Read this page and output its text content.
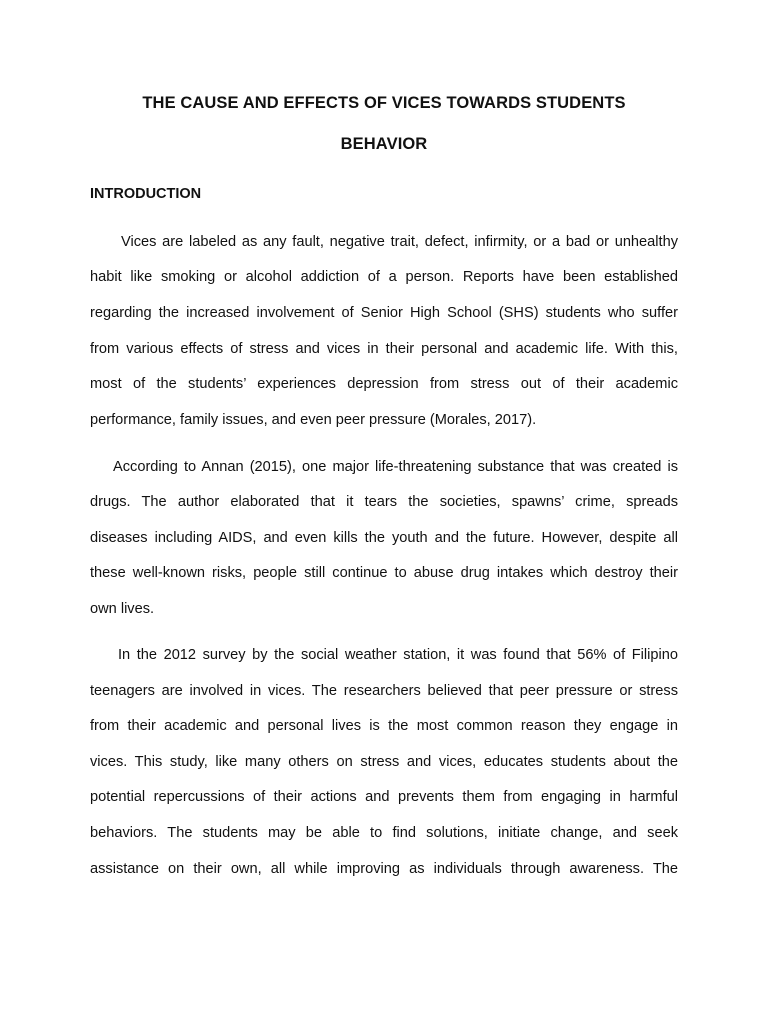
THE CAUSE AND EFFECTS OF VICES TOWARDS STUDENTS
BEHAVIOR
INTRODUCTION
Vices are labeled as any fault, negative trait, defect, infirmity, or a bad or unhealthy
habit like smoking or alcohol addiction of a person. Reports have been established
regarding the increased involvement of Senior High School (SHS) students who suffer
from various effects of stress and vices in their personal and academic life. With this,
most of the students’ experiences depression from stress out of their academic
performance, family issues, and even peer pressure (Morales, 2017).
According to Annan (2015), one major life-threatening substance that was created is
drugs. The author elaborated that it tears the societies, spawns’ crime, spreads
diseases including AIDS, and even kills the youth and the future. However, despite all
these well-known risks, people still continue to abuse drug intakes which destroy their
own lives.
In the 2012 survey by the social weather station, it was found that 56% of Filipino
teenagers are involved in vices. The researchers believed that peer pressure or stress
from their academic and personal lives is the most common reason they engage in
vices. This study, like many others on stress and vices, educates students about the
potential repercussions of their actions and prevents them from engaging in harmful
behaviors. The students may be able to find solutions, initiate change, and seek
assistance on their own, all while improving as individuals through awareness. The
